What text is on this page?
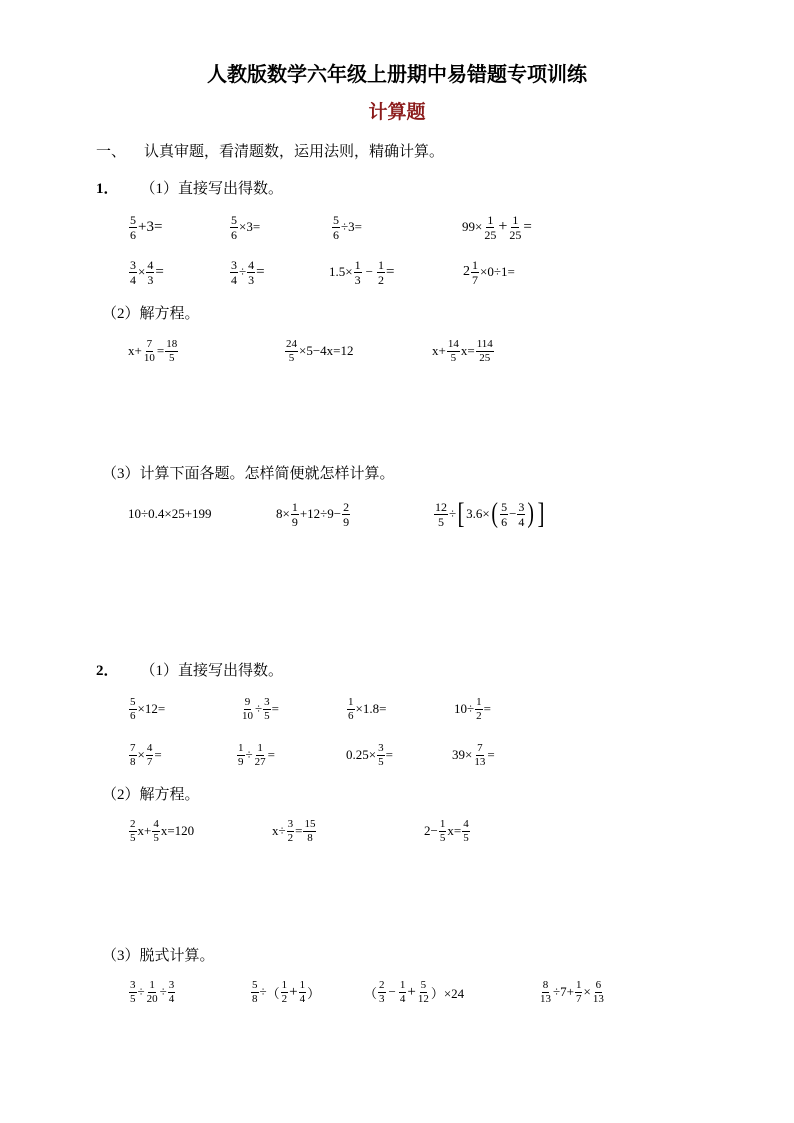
人教版数学六年级上册期中易错题专项训练
计算题
一、 认真审题，看清题数，运用法则，精确计算。
1． （1）直接写出得数。
$\frac{5}{6} +3=$	$\frac{5}{6} \times 3=$	$\frac{5}{6} \div 3=$	$99\times \frac{1}{25} + \frac{1}{25}$ =
$\frac{3}{4} \times \frac{4}{3}$ =	$\frac{3}{4} \div \frac{4}{3}$ =	$1.5\times \frac{1}{3} - \frac{1}{2}$ =	$2 \frac{1}{7} \times 0\div 1=$
（2）解方程。
$x+ \frac{7}{10} = \frac{18}{5}$	$\frac{24}{5} \times 5-4x=12$	$x+ \frac{14}{5} x= \frac{114}{25}$
（3）计算下面各题。怎样简便就怎样计算。
10÷0.4×25+199	$8\times \frac{1}{9} +12\div 9- \frac{2}{9}$	$\frac{12}{5}$ ÷ [ 3.6× ( $\frac{5}{6} - \frac{3}{4}$ ) ]
2． （1）直接写出得数。
$\frac{5}{6} \times 12=$	$\frac{9}{10} \div \frac{3}{5}$ =	$\frac{1}{6} \times 1.8=$	$10\div \frac{1}{2}$ =
$\frac{7}{8} \times \frac{4}{7}$ =	$\frac{1}{9} \div \frac{1}{27}$ =	$0.25\times \frac{3}{5}$ =	$39\times \frac{7}{13}$ =
（2）解方程。
$\frac{2}{5}$ $x + \frac{4}{5}$ x =120	$x\div \frac{3}{2} = \frac{15}{8}$	$2- \frac{1}{5} x= \frac{4}{5}$
（3）脱式计算。
$\frac{3}{5} \div \frac{1}{20} \div \frac{3}{4}$	$\frac{5}{8}$ ÷ （ $\frac{1}{2} + \frac{1}{4}$ ）	（ $\frac{2}{3} - \frac{1}{4} + \frac{5}{12} )\times 24$	$\frac{8}{13} \div 7+ \frac{1}{7} \times \frac{6}{13}$
